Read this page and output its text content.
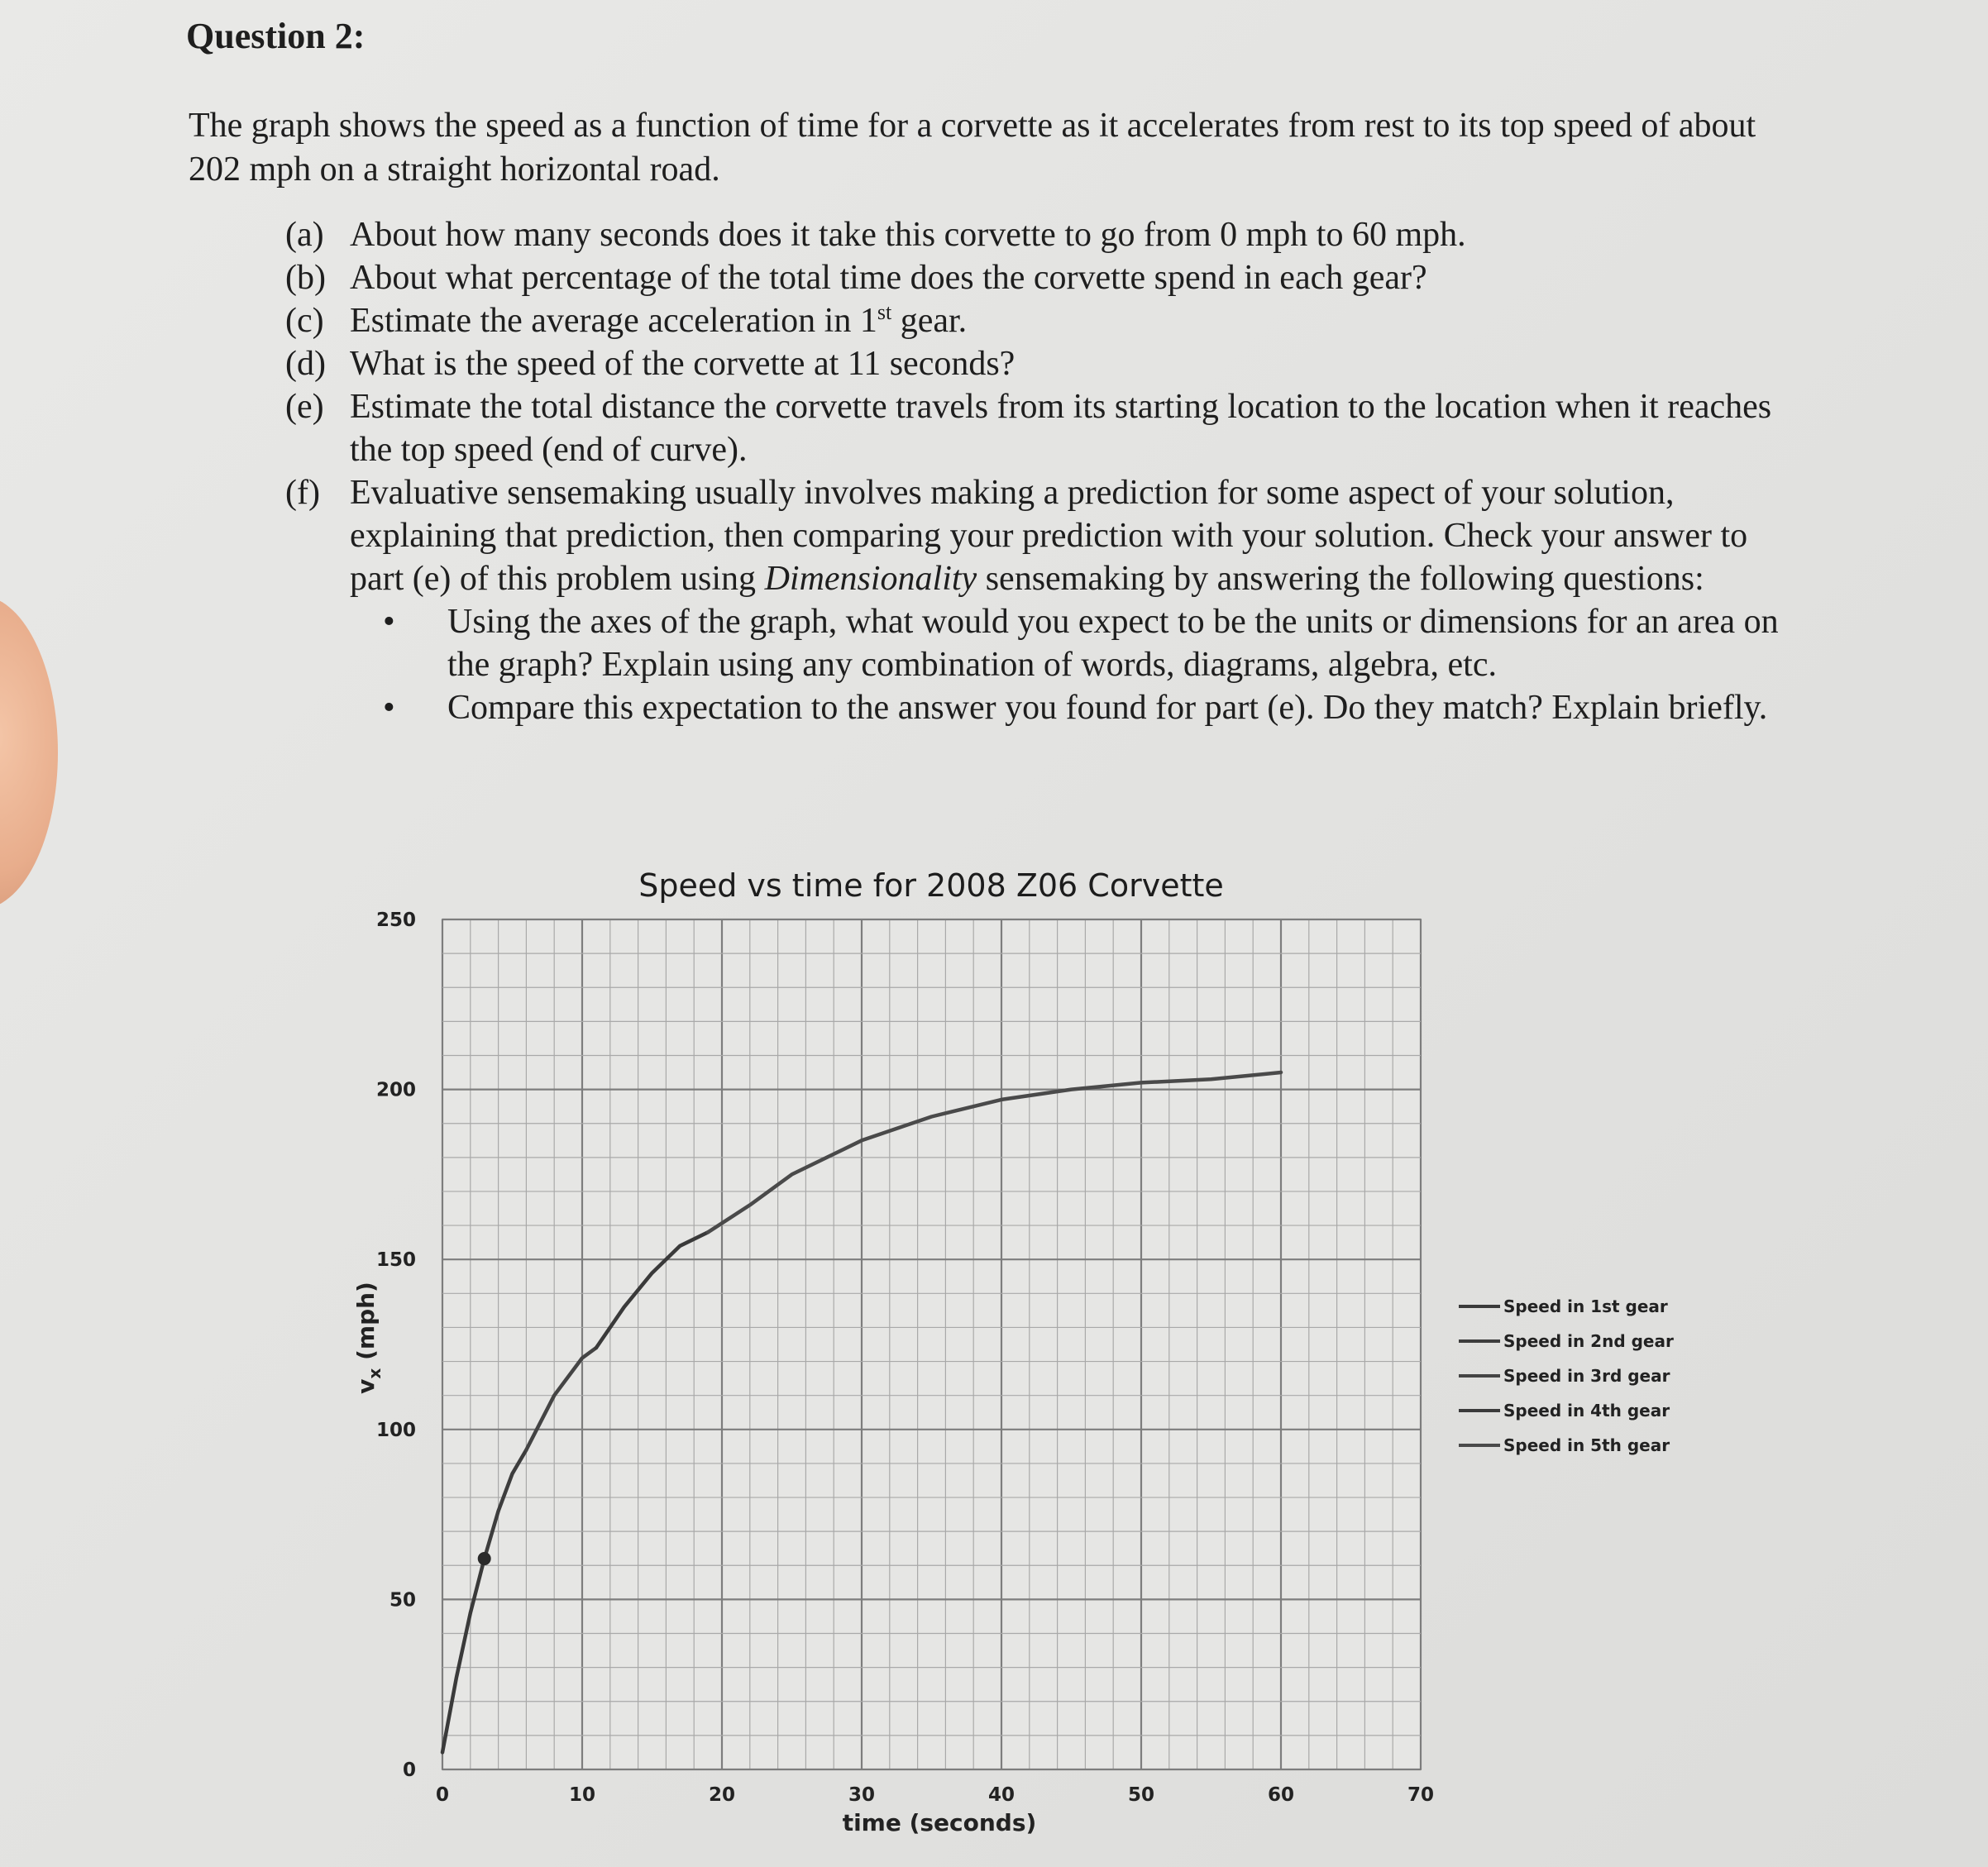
Question 2:

The graph shows the speed as a function of time for a corvette as it accelerates from rest to its top speed of about 202 mph on a straight horizontal road.

(a) About how many seconds does it take this corvette to go from 0 mph to 60 mph.
(b) About what percentage of the total time does the corvette spend in each gear?
(c) Estimate the average acceleration in 1st gear.
(d) What is the speed of the corvette at 11 seconds?
(e) Estimate the total distance the corvette travels from its starting location to the location when it reaches the top speed (end of curve).
(f) Evaluative sensemaking usually involves making a prediction for some aspect of your solution, explaining that prediction, then comparing your prediction with your solution. Check your answer to part (e) of this problem using Dimensionality sensemaking by answering the following questions:
• Using the axes of the graph, what would you expect to be the units or dimensions for an area on the graph? Explain using any combination of words, diagrams, algebra, etc.
• Compare this expectation to the answer you found for part (e). Do they match? Explain briefly.
Speed vs time for 2008 Z06 Corvette
0	10	20	30	40	50	60	70
0
50
100
150
200
250
time (seconds)
$v_x$ (mph)	Speed in 1st gear
Speed in 2nd gear
Speed in 3rd gear
Speed in 4th gear
Speed in 5th gear
